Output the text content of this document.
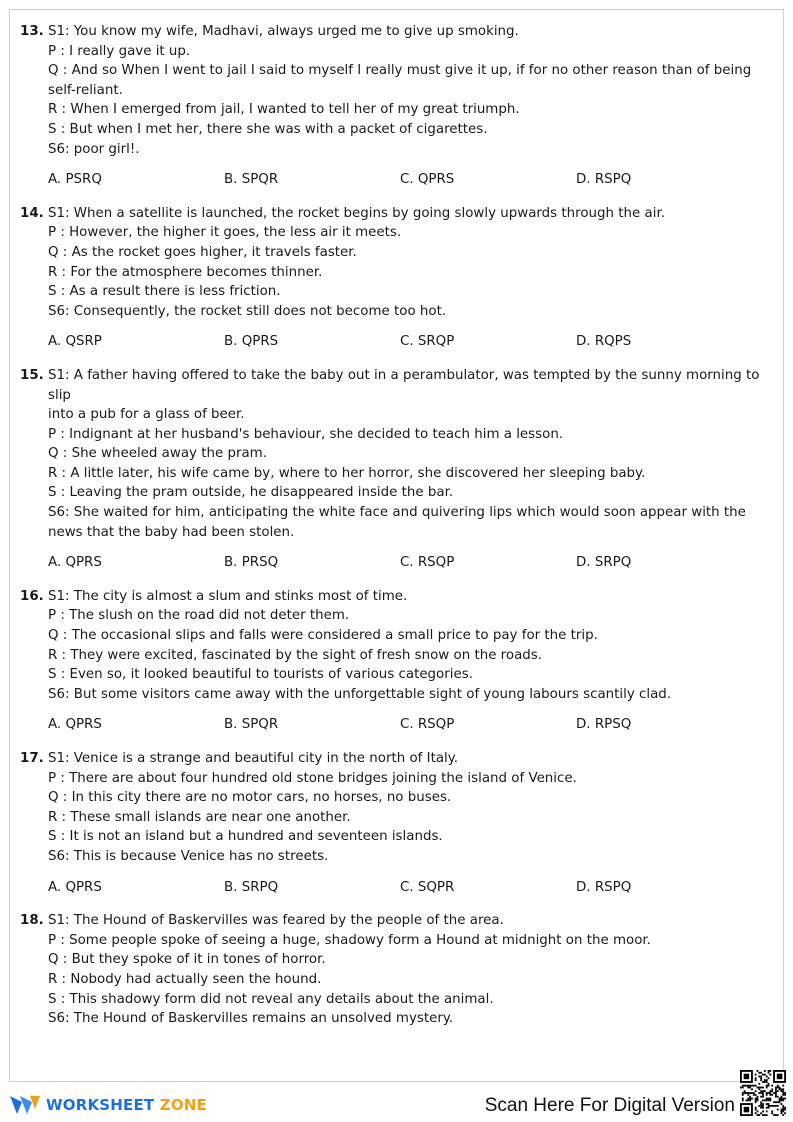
13. S1: You know my wife, Madhavi, always urged me to give up smoking.
P : I really gave it up.
Q : And so When I went to jail I said to myself I really must give it up, if for no other reason than of being
self-reliant.
R : When I emerged from jail, I wanted to tell her of my great triumph.
S : But when I met her, there she was with a packet of cigarettes.
S6: poor girl!.
A. PSRQ	B. SPQR	C. QPRS	D. RSPQ
14. S1: When a satellite is launched, the rocket begins by going slowly upwards through the air.
P : However, the higher it goes, the less air it meets.
Q : As the rocket goes higher, it travels faster.
R : For the atmosphere becomes thinner.
S : As a result there is less friction.
S6: Consequently, the rocket still does not become too hot.
A. QSRP	B. QPRS	C. SRQP	D. RQPS
15. S1: A father having offered to take the baby out in a perambulator, was tempted by the sunny morning to slip
into a pub for a glass of beer.
P : Indignant at her husband's behaviour, she decided to teach him a lesson.
Q : She wheeled away the pram.
R : A little later, his wife came by, where to her horror, she discovered her sleeping baby.
S : Leaving the pram outside, he disappeared inside the bar.
S6: She waited for him, anticipating the white face and quivering lips which would soon appear with the
news that the baby had been stolen.
A. QPRS	B. PRSQ	C. RSQP	D. SRPQ
16. S1: The city is almost a slum and stinks most of time.
P : The slush on the road did not deter them.
Q : The occasional slips and falls were considered a small price to pay for the trip.
R : They were excited, fascinated by the sight of fresh snow on the roads.
S : Even so, it looked beautiful to tourists of various categories.
S6: But some visitors came away with the unforgettable sight of young labours scantily clad.
A. QPRS	B. SPQR	C. RSQP	D. RPSQ
17. S1: Venice is a strange and beautiful city in the north of Italy.
P : There are about four hundred old stone bridges joining the island of Venice.
Q : In this city there are no motor cars, no horses, no buses.
R : These small islands are near one another.
S : It is not an island but a hundred and seventeen islands.
S6: This is because Venice has no streets.
A. QPRS	B. SRPQ	C. SQPR	D. RSPQ
18. S1: The Hound of Baskervilles was feared by the people of the area.
P : Some people spoke of seeing a huge, shadowy form a Hound at midnight on the moor.
Q : But they spoke of it in tones of horror.
R : Nobody had actually seen the hound.
S : This shadowy form did not reveal any details about the animal.
S6: The Hound of Baskervilles remains an unsolved mystery.
WORKSHEET ZONE	Scan Here For Digital Version
